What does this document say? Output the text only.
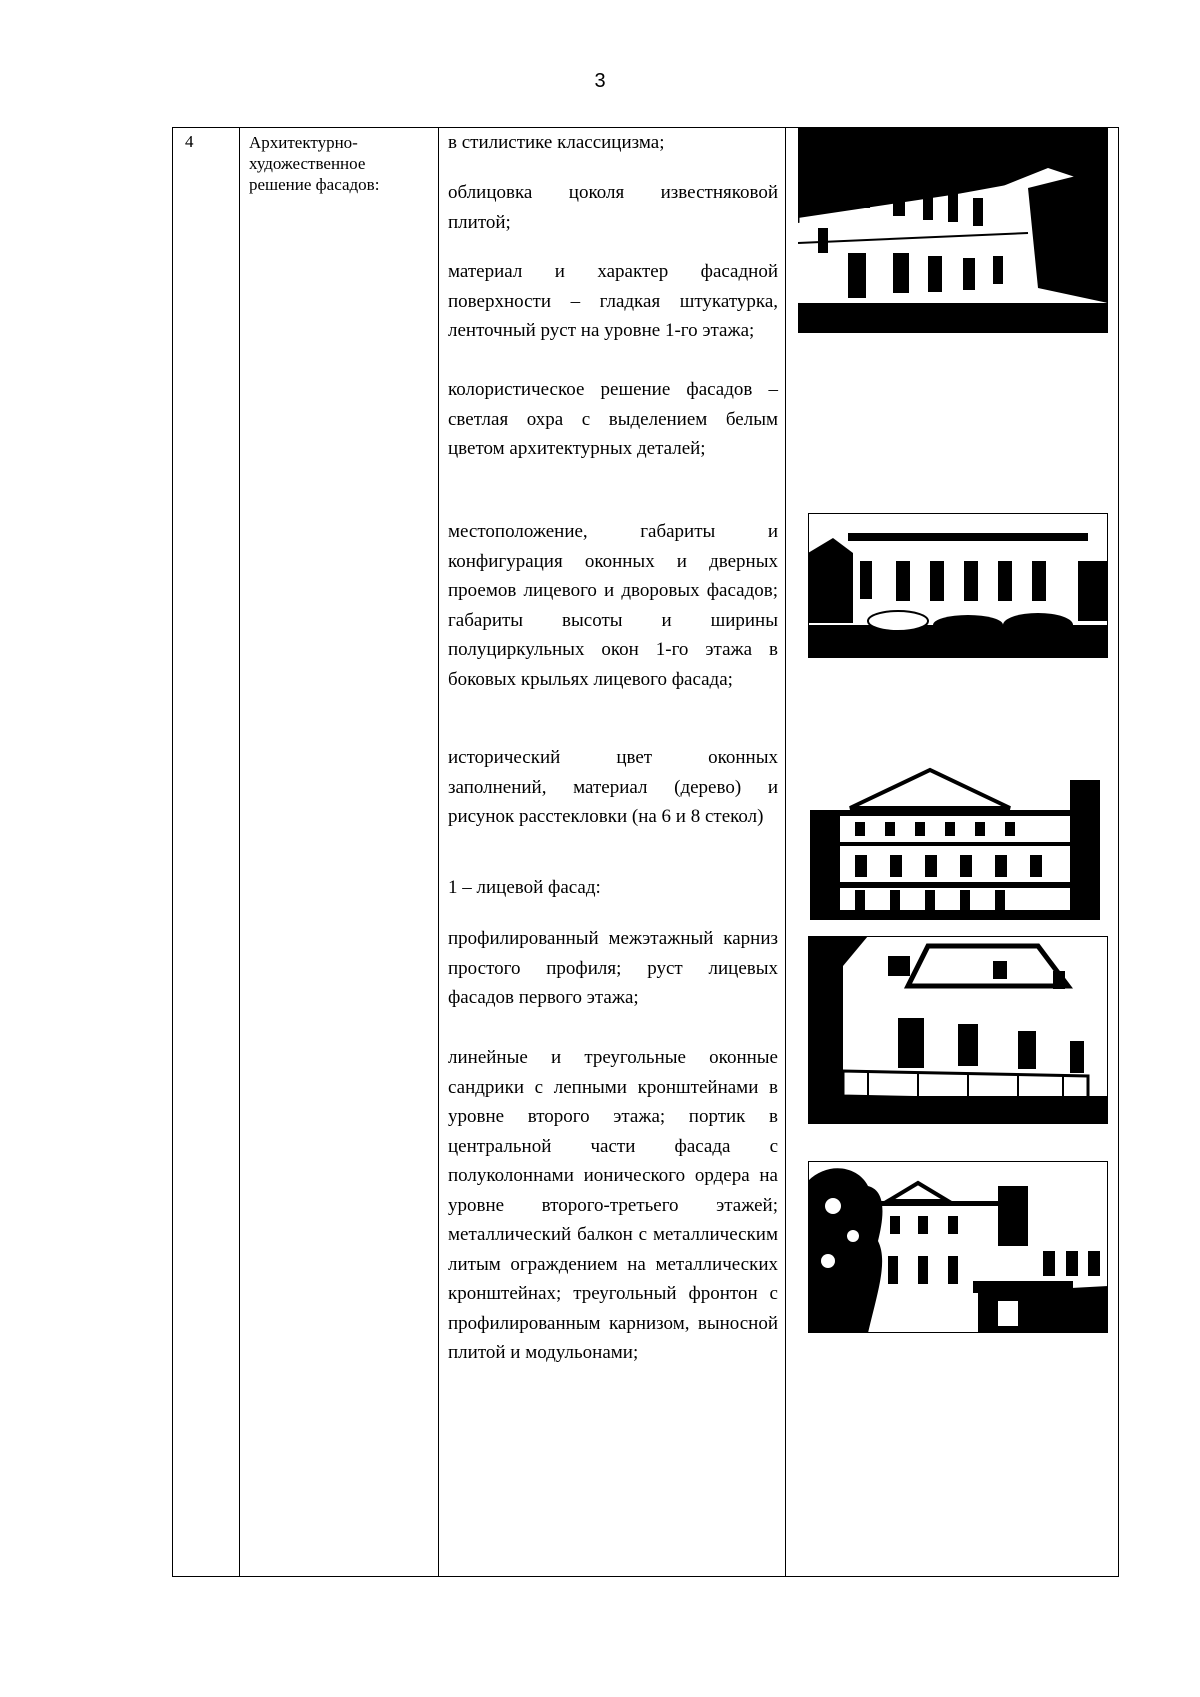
3
4	Архитектурно-художественное решение фасадов:
в стилистике классицизма;
облицовка цоколя известняковой плитой;
материал и характер фасадной поверхности – гладкая штукатурка, ленточный руст на уровне 1-го этажа;
колористическое решение фасадов – светлая охра с выделением белым цветом архитектурных деталей;
местоположение, габариты и конфигурация оконных и дверных проемов лицевого и дворовых фасадов; габариты высоты и ширины полуциркульных окон 1-го этажа в боковых крыльях лицевого фасада;
исторический цвет оконных заполнений, материал (дерево) и рисунок расстекловки (на 6 и 8 стекол)
1 – лицевой фасад:
профилированный межэтажный карниз простого профиля; руст лицевых фасадов первого этажа;
линейные и треугольные оконные сандрики с лепными кронштейнами в уровне второго этажа; портик в центральной части фасада с полуколоннами ионического ордера на уровне второго-третьего этажей; металлический балкон с металлическим литым ограждением на металлических кронштейнах; треугольный фронтон с профилированным карнизом, выносной плитой и модульонами;
